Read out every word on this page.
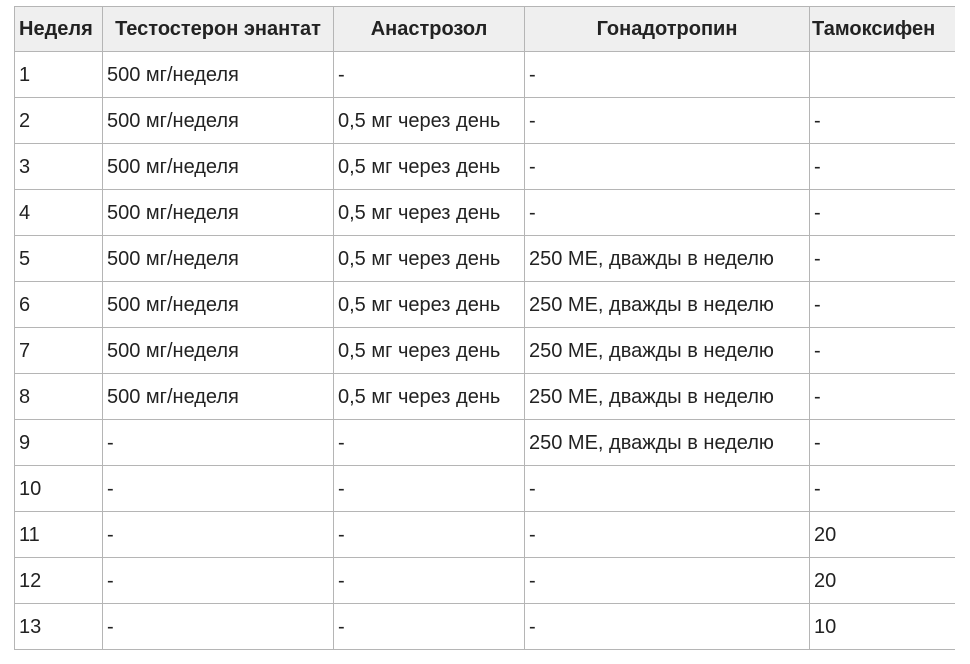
Неделя	Тестостерон энантат	Анастрозол	Гонадотропин	Тамоксифен
1	500 мг/неделя	-	-	
2	500 мг/неделя	0,5 мг через день	-	-
3	500 мг/неделя	0,5 мг через день	-	-
4	500 мг/неделя	0,5 мг через день	-	-
5	500 мг/неделя	0,5 мг через день	250 МЕ, дважды в неделю	-
6	500 мг/неделя	0,5 мг через день	250 МЕ, дважды в неделю	-
7	500 мг/неделя	0,5 мг через день	250 МЕ, дважды в неделю	-
8	500 мг/неделя	0,5 мг через день	250 МЕ, дважды в неделю	-
9	-	-	250 МЕ, дважды в неделю	-
10	-	-	-	-
11	-	-	-	20
12	-	-	-	20
13	-	-	-	10
